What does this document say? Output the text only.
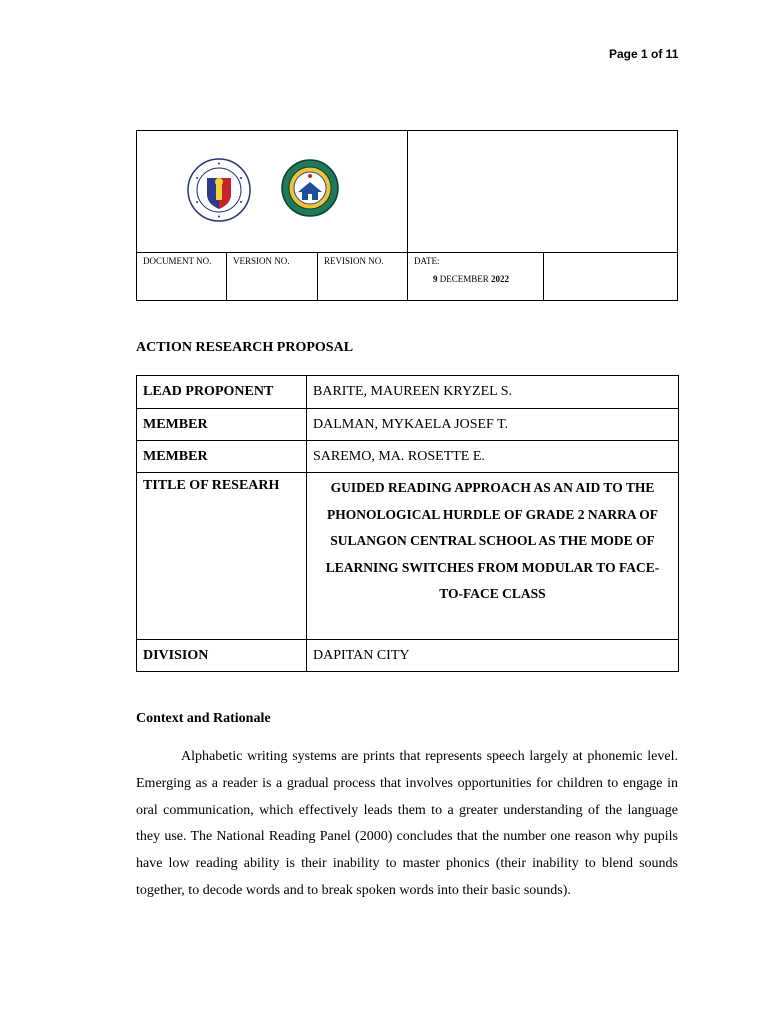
Page 1 of 11
DOCUMENT NO.	VERSION NO.	REVISION NO.	DATE:
9 DECEMBER 2022
ACTION RESEARCH PROPOSAL
LEAD PROPONENT	BARITE, MAUREEN KRYZEL S.
MEMBER	DALMAN, MYKAELA JOSEF T.
MEMBER	SAREMO, MA. ROSETTE E.
TITLE OF RESEARH	GUIDED READING APPROACH AS AN AID TO THE PHONOLOGICAL HURDLE OF GRADE 2 NARRA OF SULANGON CENTRAL SCHOOL AS THE MODE OF LEARNING SWITCHES FROM MODULAR TO FACE-TO-FACE CLASS
DIVISION	DAPITAN CITY
Context and Rationale

Alphabetic writing systems are prints that represents speech largely at phonemic level. Emerging as a reader is a gradual process that involves opportunities for children to engage in oral communication, which effectively leads them to a greater understanding of the language they use. The National Reading Panel (2000) concludes that the number one reason why pupils have low reading ability is their inability to master phonics (their inability to blend sounds together, to decode words and to break spoken words into their basic sounds).
